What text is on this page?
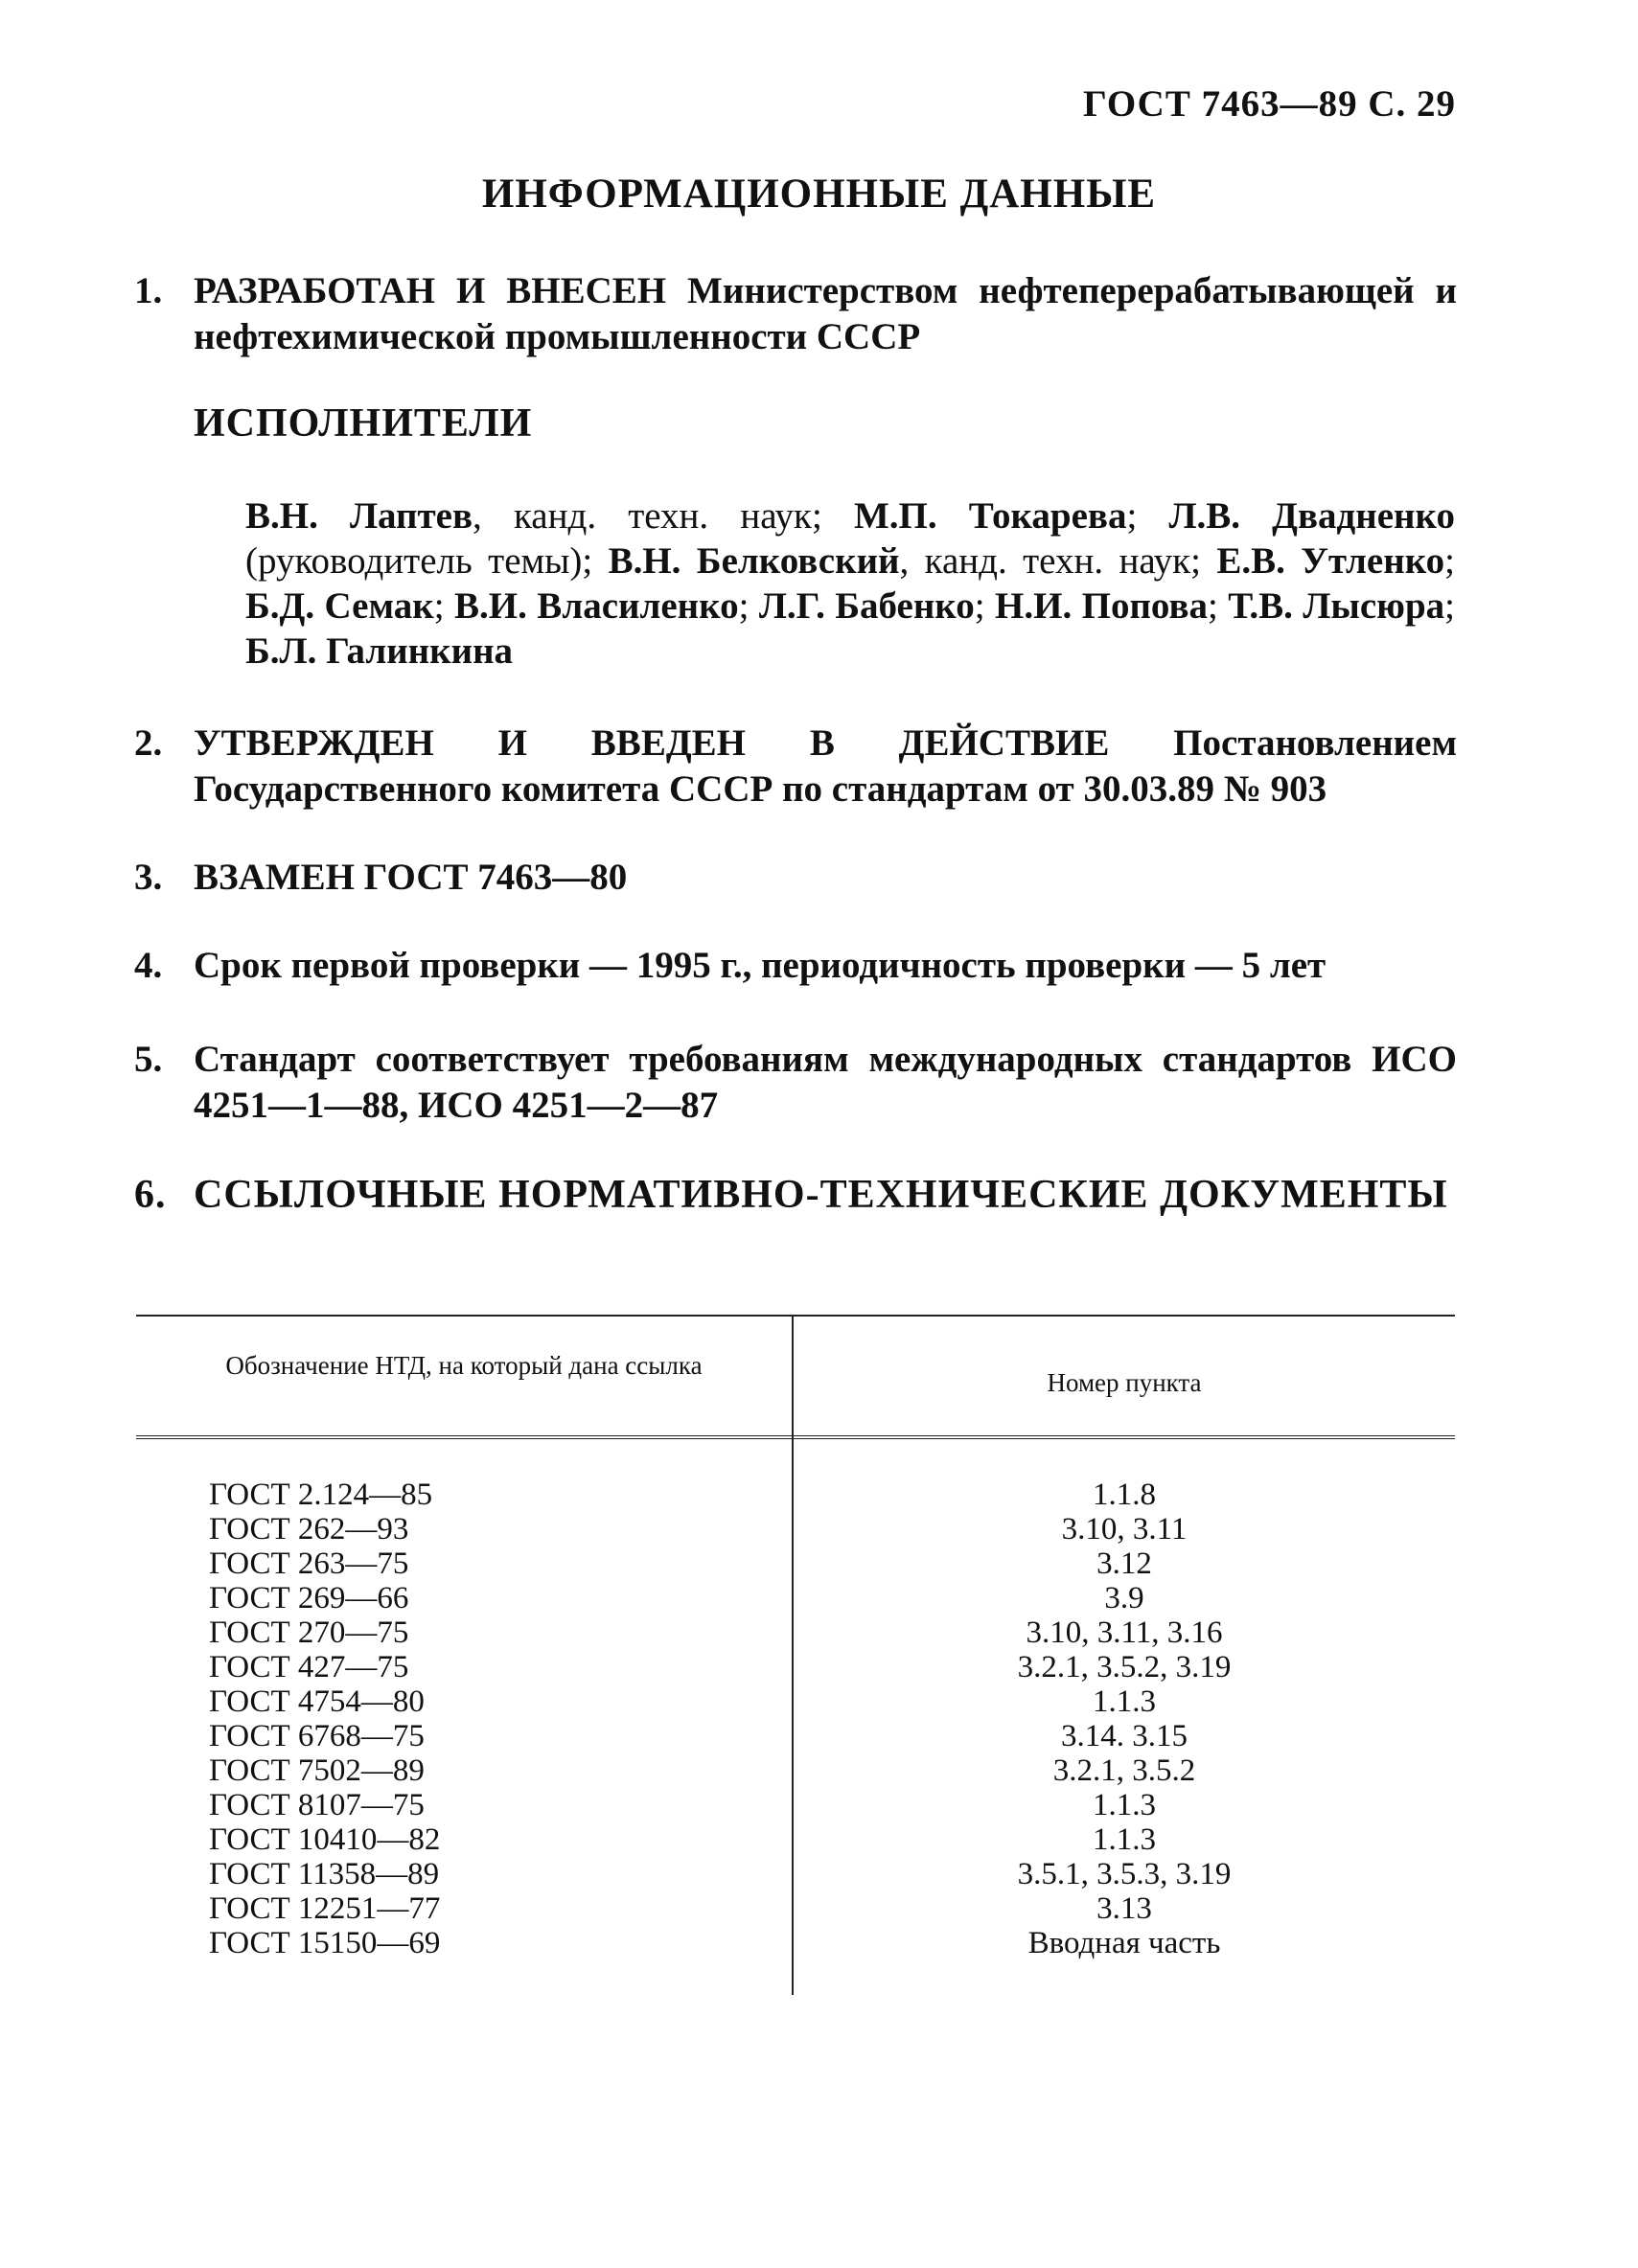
ГОСТ 7463—89 С. 29
ИНФОРМАЦИОННЫЕ ДАННЫЕ
1. РАЗРАБОТАН И ВНЕСЕН Министерством нефтеперерабатывающей и нефтехимической промышленности СССР
ИСПОЛНИТЕЛИ
В.Н. Лаптев, канд. техн. наук; М.П. Токарева; Л.В. Двадненко (руководитель темы); В.Н. Белковский, канд. техн. наук; Е.В. Утленко; Б.Д. Семак; В.И. Власиленко; Л.Г. Бабенко; Н.И. Попова; Т.В. Лысюра; Б.Л. Галинкина
2. УТВЕРЖДЕН И ВВЕДЕН В ДЕЙСТВИЕ Постановлением Государственного комитета СССР по стандартам от 30.03.89 № 903
3. ВЗАМЕН ГОСТ 7463—80
4. Срок первой проверки — 1995 г., периодичность проверки — 5 лет
5. Стандарт соответствует требованиям международных стандартов ИСО 4251—1—88, ИСО 4251—2—87
6. ССЫЛОЧНЫЕ НОРМАТИВНО-ТЕХНИЧЕСКИЕ ДОКУМЕНТЫ
Обозначение НТД, на который дана ссылка
Номер пункта
ГОСТ 2.124—85	1.1.8
ГОСТ 262—93	3.10, 3.11
ГОСТ 263—75	3.12
ГОСТ 269—66	3.9
ГОСТ 270—75	3.10, 3.11, 3.16
ГОСТ 427—75	3.2.1, 3.5.2, 3.19
ГОСТ 4754—80	1.1.3
ГОСТ 6768—75	3.14. 3.15
ГОСТ 7502—89	3.2.1, 3.5.2
ГОСТ 8107—75	1.1.3
ГОСТ 10410—82	1.1.3
ГОСТ 11358—89	3.5.1, 3.5.3, 3.19
ГОСТ 12251—77	3.13
ГОСТ 15150—69	Вводная часть
